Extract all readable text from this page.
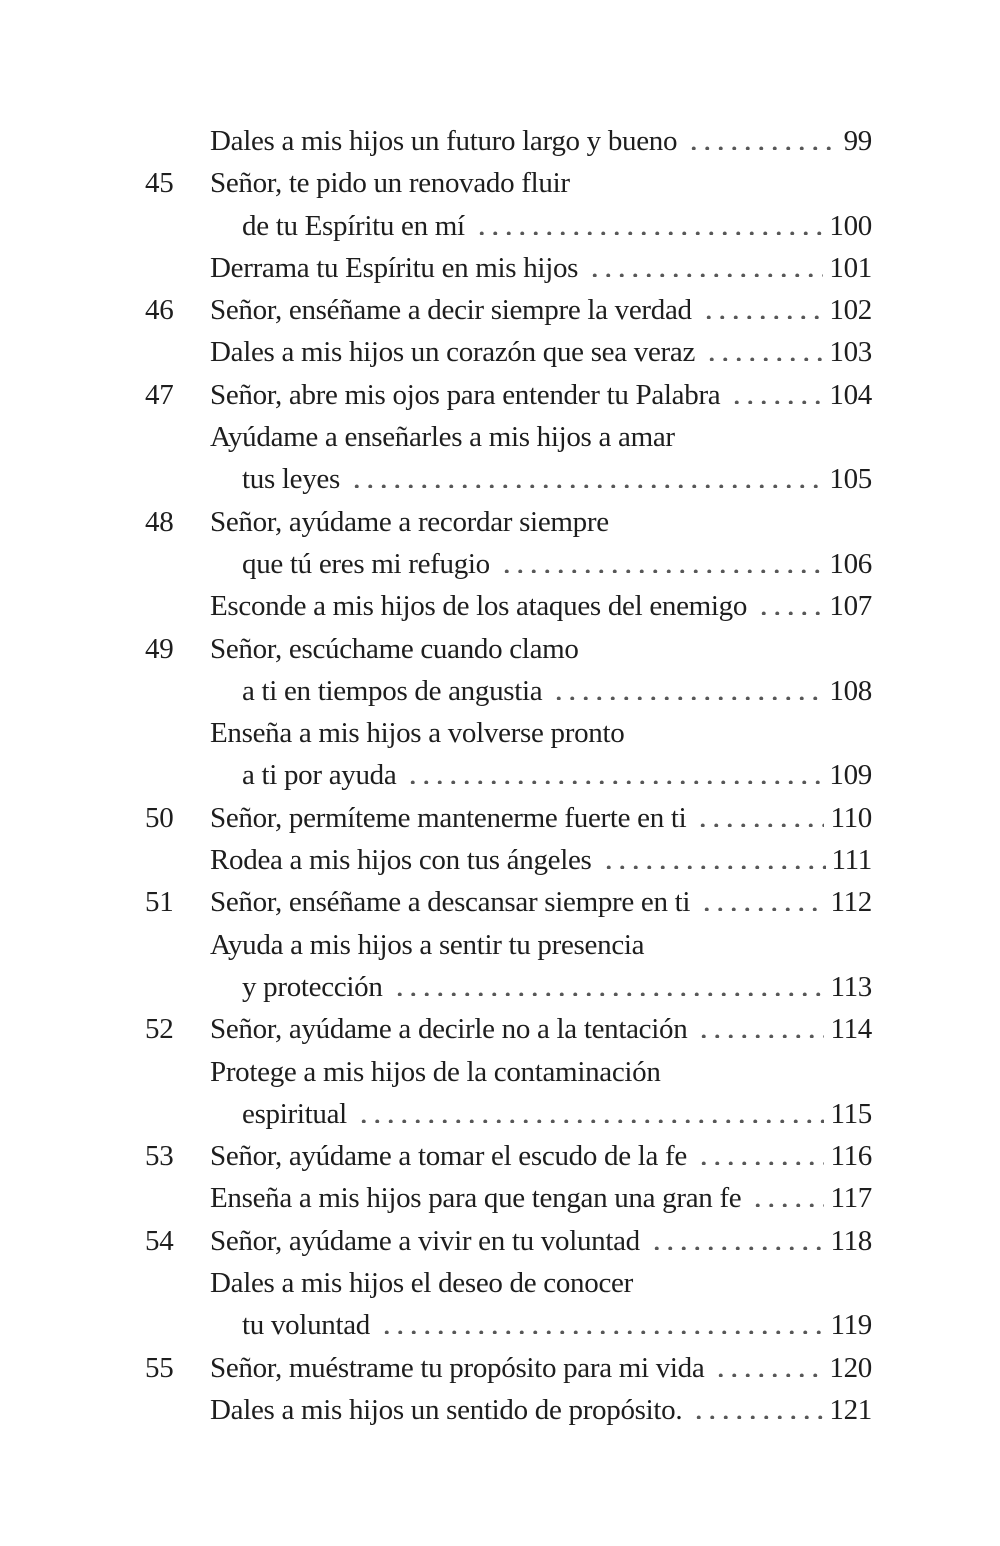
Dales a mis hijos un futuro largo y bueno	99
45	Señor, te pido un renovado fluir
de tu Espíritu en mí	100
Derrama tu Espíritu en mis hijos	101
46	Señor, enséñame a decir siempre la verdad	102
Dales a mis hijos un corazón que sea veraz	103
47	Señor, abre mis ojos para entender tu Palabra	104
Ayúdame a enseñarles a mis hijos a amar
tus leyes	105
48	Señor, ayúdame a recordar siempre
que tú eres mi refugio	106
Esconde a mis hijos de los ataques del enemigo	107
49	Señor, escúchame cuando clamo
a ti en tiempos de angustia	108
Enseña a mis hijos a volverse pronto
a ti por ayuda	109
50	Señor, permíteme mantenerme fuerte en ti	110
Rodea a mis hijos con tus ángeles	111
51	Señor, enséñame a descansar siempre en ti	112
Ayuda a mis hijos a sentir tu presencia
y protección	113
52	Señor, ayúdame a decirle no a la tentación	114
Protege a mis hijos de la contaminación
espiritual	115
53	Señor, ayúdame a tomar el escudo de la fe	116
Enseña a mis hijos para que tengan una gran fe	117
54	Señor, ayúdame a vivir en tu voluntad	118
Dales a mis hijos el deseo de conocer
tu voluntad	119
55	Señor, muéstrame tu propósito para mi vida	120
Dales a mis hijos un sentido de propósito.	121
